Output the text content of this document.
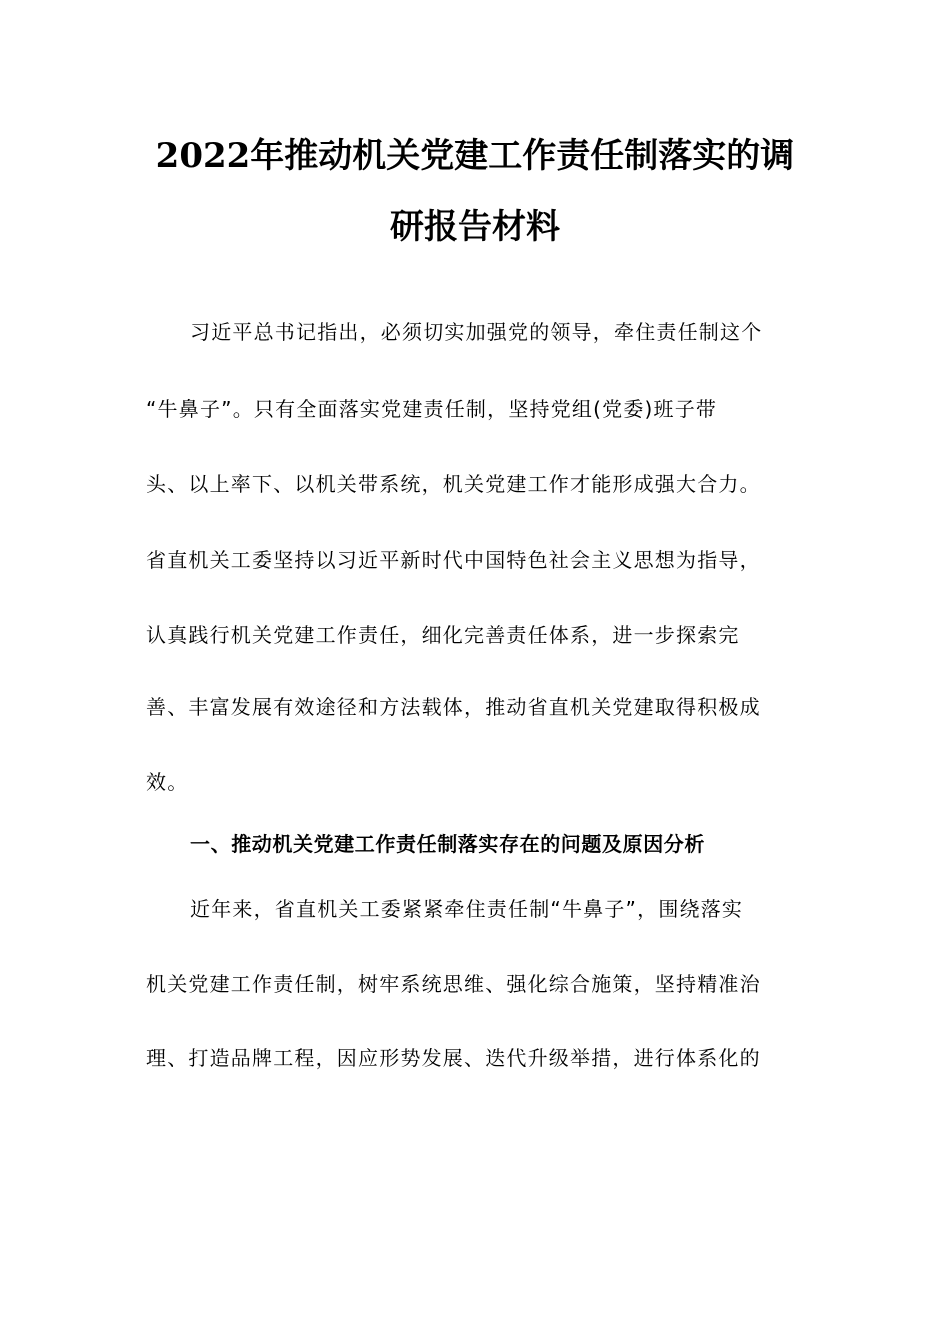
2022年推动机关党建工作责任制落实的调
研报告材料
习近平总书记指出，必须切实加强党的领导，牵住责任制这个
“牛鼻子”。只有全面落实党建责任制，坚持党组(党委)班子带
头、以上率下、以机关带系统，机关党建工作才能形成强大合力。
省直机关工委坚持以习近平新时代中国特色社会主义思想为指导，
认真践行机关党建工作责任，细化完善责任体系，进一步探索完
善、丰富发展有效途径和方法载体，推动省直机关党建取得积极成
效。
一、推动机关党建工作责任制落实存在的问题及原因分析
近年来，省直机关工委紧紧牵住责任制“牛鼻子”，围绕落实
机关党建工作责任制，树牢系统思维、强化综合施策，坚持精准治
理、打造品牌工程，因应形势发展、迭代升级举措，进行体系化的
